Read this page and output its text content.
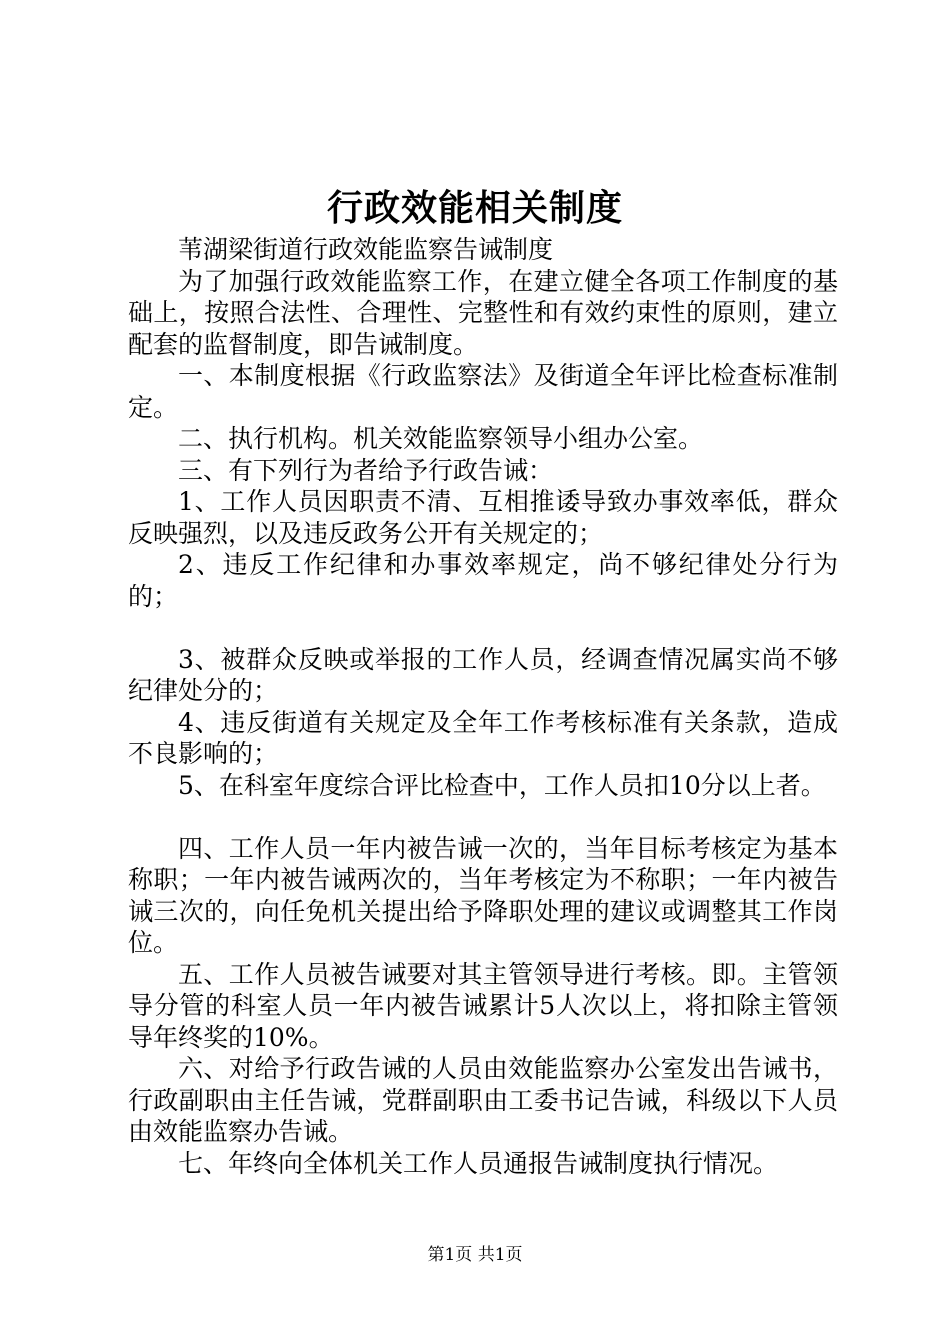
行政效能相关制度

苇湖梁街道行政效能监察告诫制度

为了加强行政效能监察工作，在建立健全各项工作制度的基础上，按照合法性、合理性、完整性和有效约束性的原则，建立配套的监督制度，即告诫制度。

一、本制度根据《行政监察法》及街道全年评比检查标准制定。

二、执行机构。机关效能监察领导小组办公室。

三、有下列行为者给予行政告诫：

1、工作人员因职责不清、互相推诿导致办事效率低，群众反映强烈，以及违反政务公开有关规定的；

2、违反工作纪律和办事效率规定，尚不够纪律处分行为的；

3、被群众反映或举报的工作人员，经调查情况属实尚不够纪律处分的；

4、违反街道有关规定及全年工作考核标准有关条款，造成不良影响的；

5、在科室年度综合评比检查中，工作人员扣10分以上者。

四、工作人员一年内被告诫一次的，当年目标考核定为基本称职；一年内被告诫两次的，当年考核定为不称职；一年内被告诫三次的，向任免机关提出给予降职处理的建议或调整其工作岗位。

五、工作人员被告诫要对其主管领导进行考核。即。主管领导分管的科室人员一年内被告诫累计5人次以上，将扣除主管领导年终奖的10%。

六、对给予行政告诫的人员由效能监察办公室发出告诫书，行政副职由主任告诫，党群副职由工委书记告诫，科级以下人员由效能监察办告诫。

七、年终向全体机关工作人员通报告诫制度执行情况。

第1页 共1页
